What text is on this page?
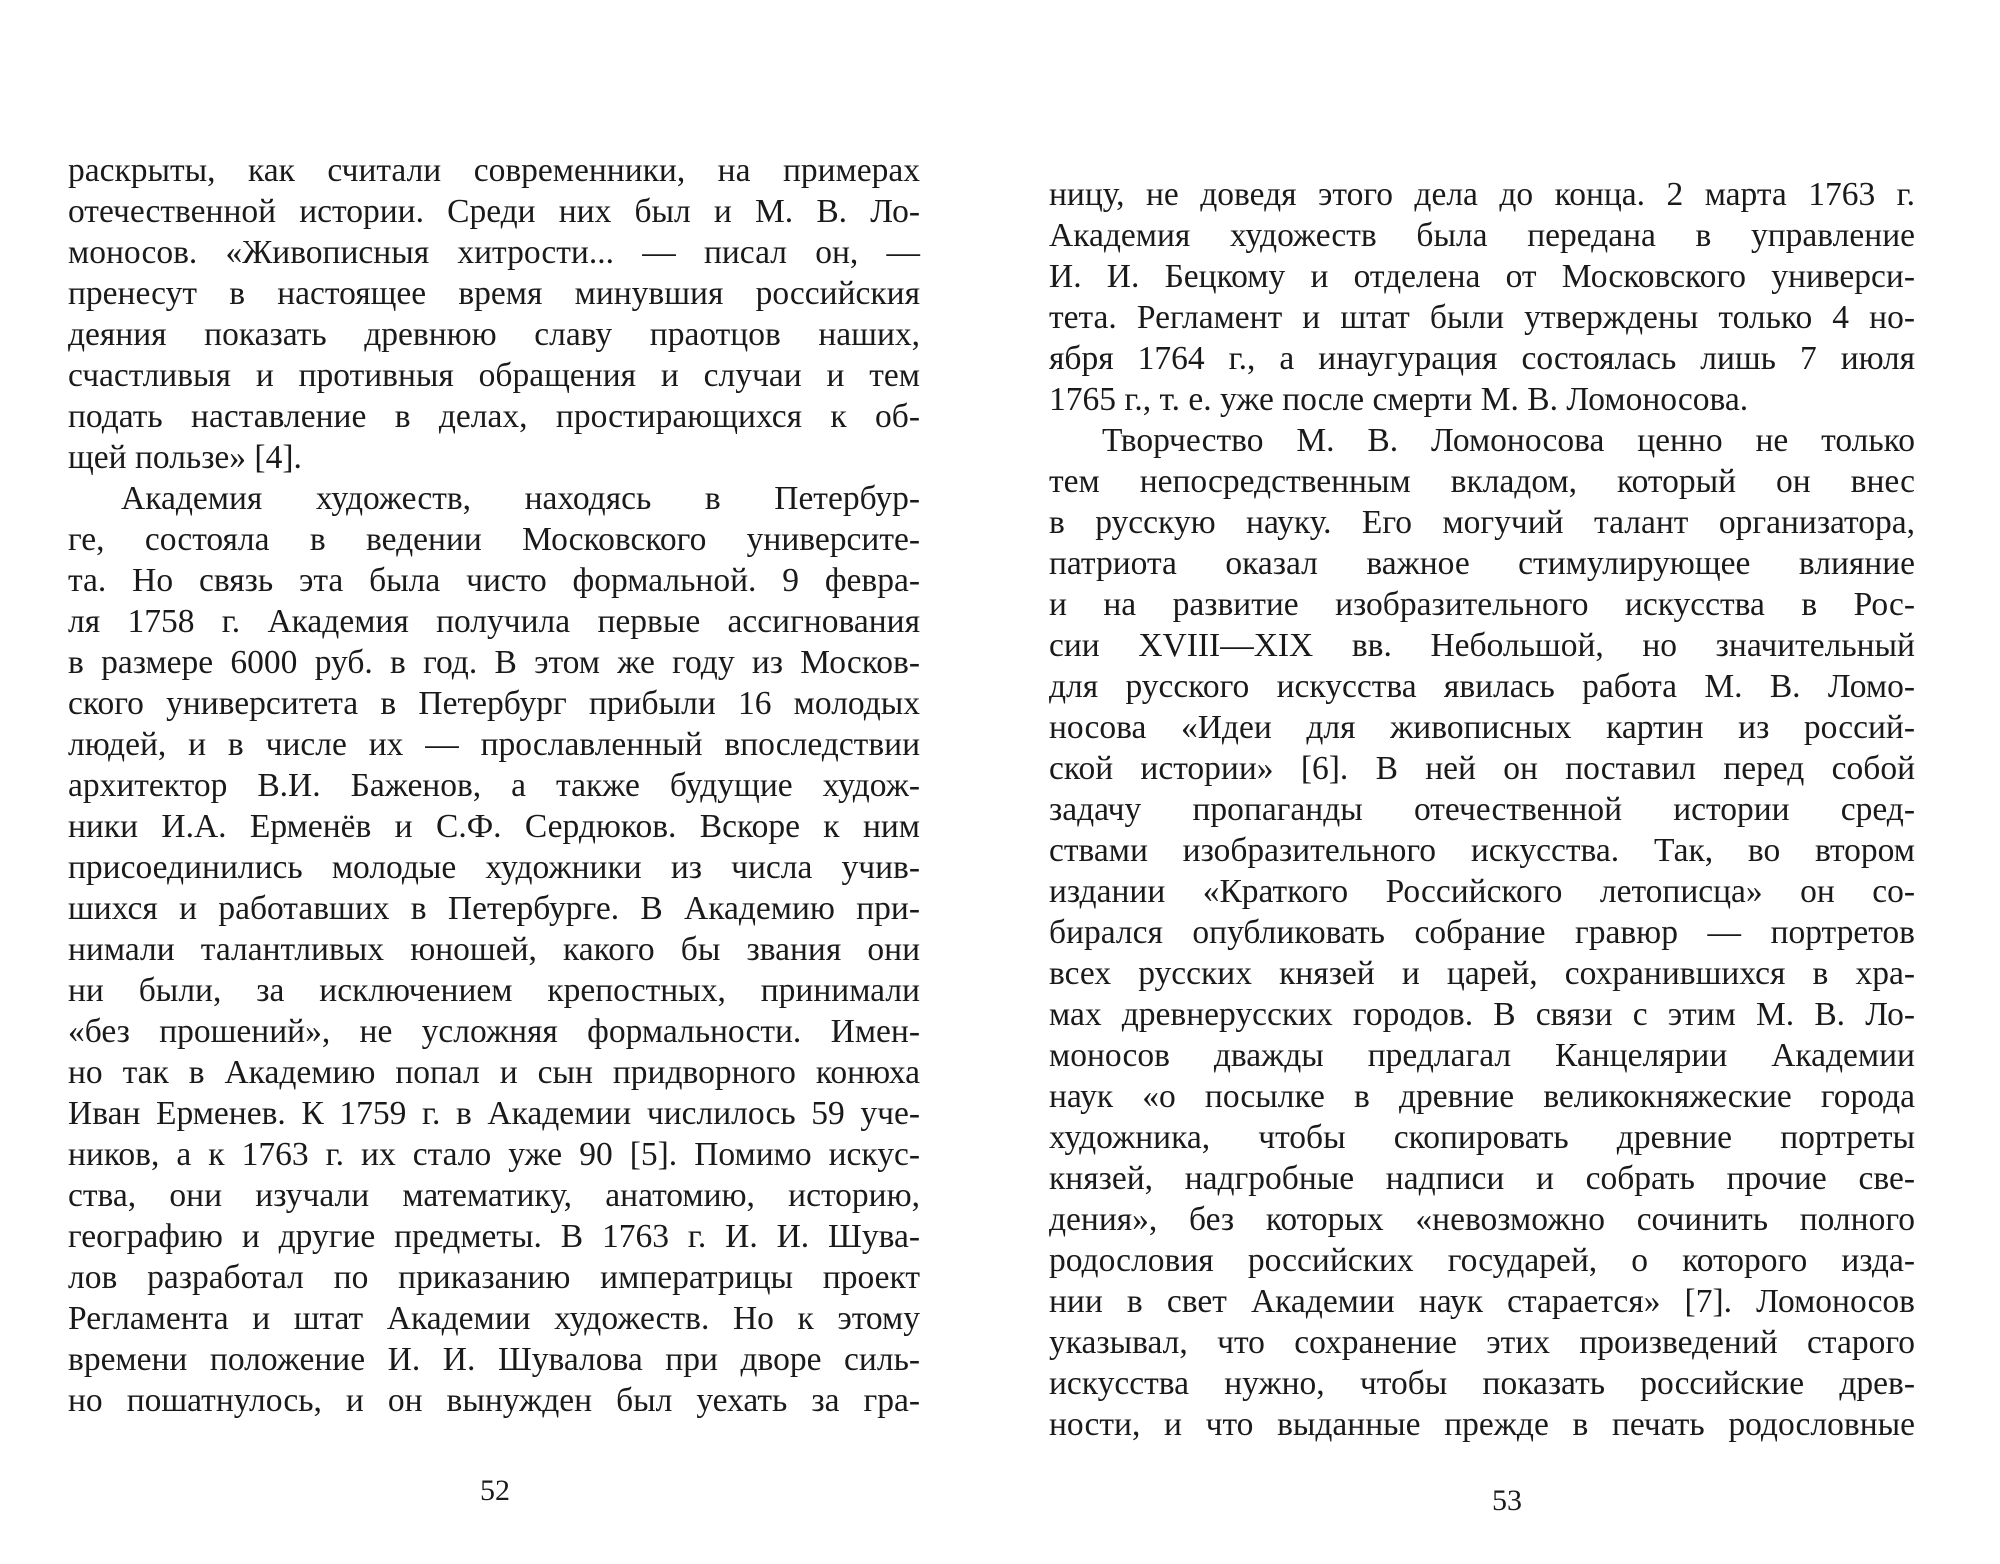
раскрыты, как считали современники, на примерах
отечественной истории. Среди них был и М. В. Ло-
моносов. «Живописныя хитрости... — писал он, —
пренесут в настоящее время минувшия российския
деяния показать древнюю славу праотцов наших,
счастливыя и противныя обращения и случаи и тем
подать наставление в делах, простирающихся к об-
щей пользе» [4].
Академия художеств, находясь в Петербур-
ге, состояла в ведении Московского университе-
та. Но связь эта была чисто формальной. 9 февра-
ля 1758 г. Академия получила первые ассигнования
в размере 6000 руб. в год. В этом же году из Москов-
ского университета в Петербург прибыли 16 молодых
людей, и в числе их — прославленный впоследствии
архитектор В.И. Баженов, а также будущие худож-
ники И.А. Ерменёв и С.Ф. Сердюков. Вскоре к ним
присоединились молодые художники из числа учив-
шихся и работавших в Петербурге. В Академию при-
нимали талантливых юношей, какого бы звания они
ни были, за исключением крепостных, принимали
«без прошений», не усложняя формальности. Имен-
но так в Академию попал и сын придворного конюха
Иван Ерменев. К 1759 г. в Академии числилось 59 уче-
ников, а к 1763 г. их стало уже 90 [5]. Помимо искус-
ства, они изучали математику, анатомию, историю,
географию и другие предметы. В 1763 г. И. И. Шува-
лов разработал по приказанию императрицы проект
Регламента и штат Академии художеств. Но к этому
времени положение И. И. Шувалова при дворе силь-
но пошатнулось, и он вынужден был уехать за гра-
52
ницу, не доведя этого дела до конца. 2 марта 1763 г.
Академия художеств была передана в управление
И. И. Бецкому и отделена от Московского универси-
тета. Регламент и штат были утверждены только 4 но-
ября 1764 г., а инаугурация состоялась лишь 7 июля
1765 г., т. е. уже после смерти М. В. Ломоносова.
Творчество М. В. Ломоносова ценно не только
тем непосредственным вкладом, который он внес
в русскую науку. Его могучий талант организатора,
патриота оказал важное стимулирующее влияние
и на развитие изобразительного искусства в Рос-
сии XVIII—XIX вв. Небольшой, но значительный
для русского искусства явилась работа М. В. Ломо-
носова «Идеи для живописных картин из россий-
ской истории» [6]. В ней он поставил перед собой
задачу пропаганды отечественной истории сред-
ствами изобразительного искусства. Так, во втором
издании «Краткого Российского летописца» он со-
бирался опубликовать собрание гравюр — портретов
всех русских князей и царей, сохранившихся в хра-
мах древнерусских городов. В связи с этим М. В. Ло-
моносов дважды предлагал Канцелярии Академии
наук «о посылке в древние великокняжеские города
художника, чтобы скопировать древние портреты
князей, надгробные надписи и собрать прочие све-
дения», без которых «невозможно сочинить полного
родословия российских государей, о которого изда-
нии в свет Академии наук старается» [7]. Ломоносов
указывал, что сохранение этих произведений старого
искусства нужно, чтобы показать российские древ-
ности, и что выданные прежде в печать родословные
53
